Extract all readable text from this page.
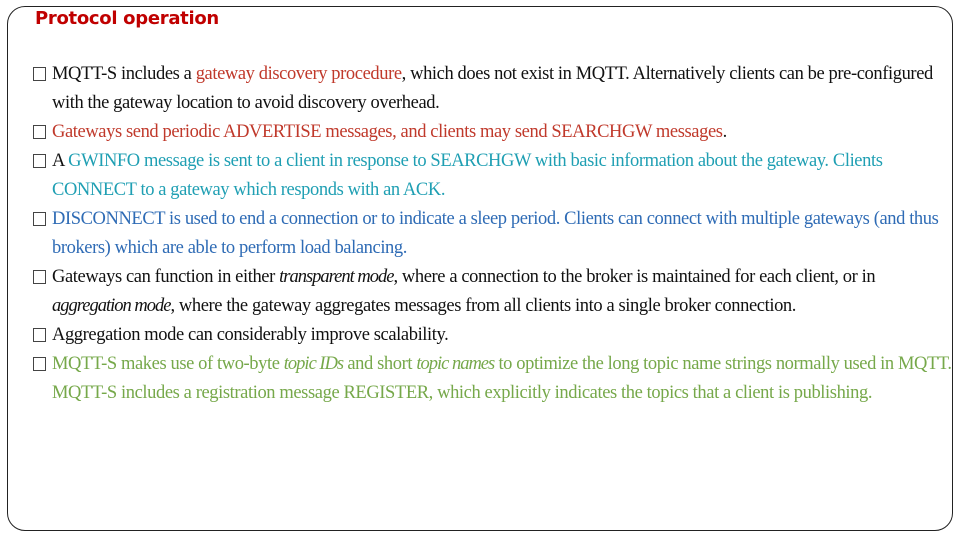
Protocol operation
MQTT-S includes a gateway discovery procedure, which does not exist in MQTT. Alternatively clients can be pre-configured with the gateway location to avoid discovery overhead.
Gateways send periodic ADVERTISE messages, and clients may send SEARCHGW messages.
A GWINFO message is sent to a client in response to SEARCHGW with basic information about the gateway. Clients CONNECT to a gateway which responds with an ACK.
DISCONNECT is used to end a connection or to indicate a sleep period. Clients can connect with multiple gateways (and thus brokers) which are able to perform load balancing.
Gateways can function in either transparent mode, where a connection to the broker is maintained for each client, or in aggregation mode, where the gateway aggregates messages from all clients into a single broker connection.
Aggregation mode can considerably improve scalability.
MQTT-S makes use of two-byte topic IDs and short topic names to optimize the long topic name strings normally used in MQTT. MQTT-S includes a registration message REGISTER, which explicitly indicates the topics that a client is publishing.
